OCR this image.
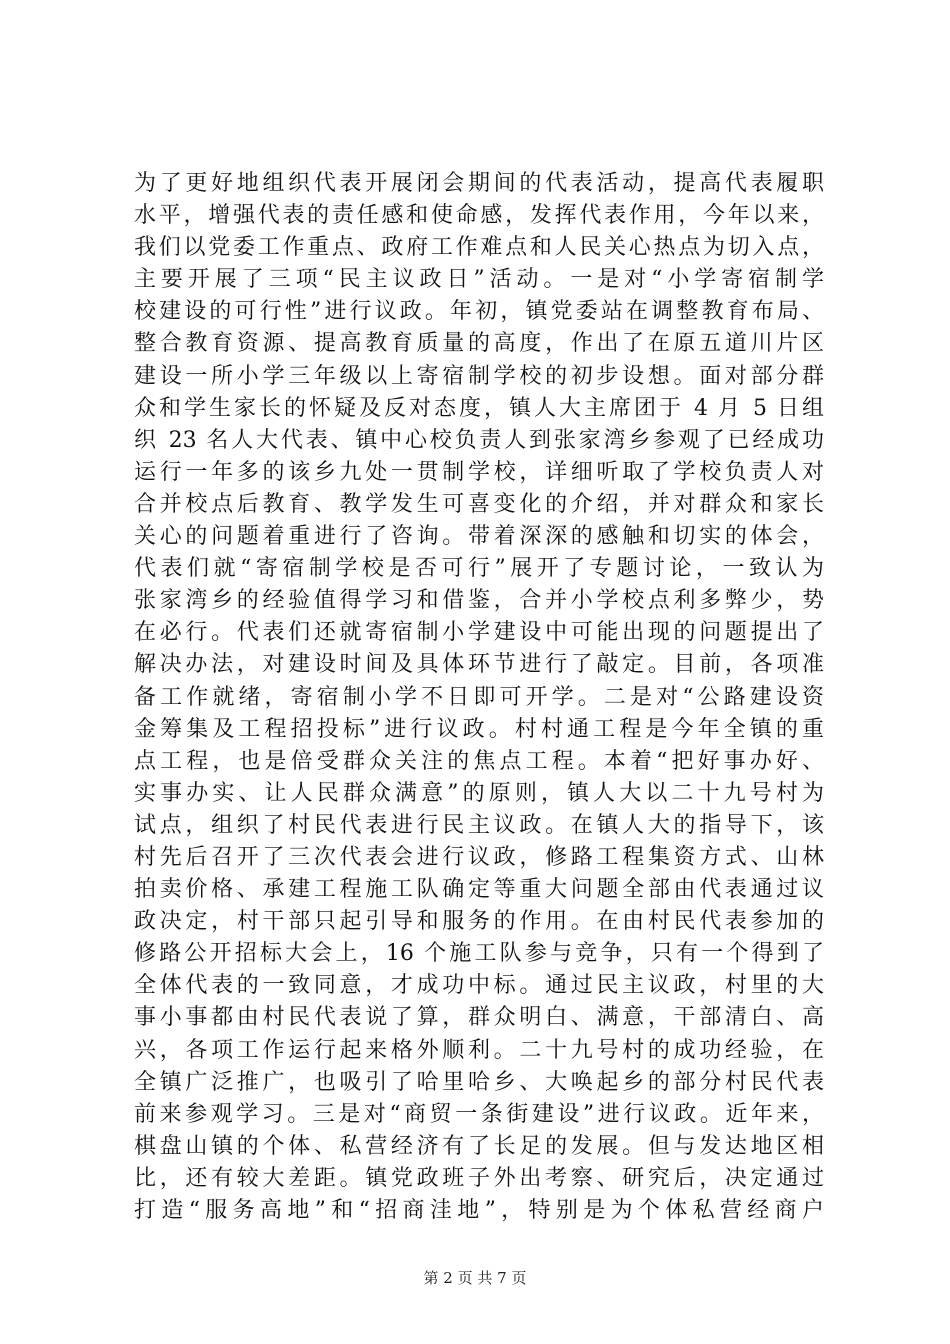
为了更好地组织代表开展闭会期间的代表活动，提高代表履职
水平，增强代表的责任感和使命感，发挥代表作用，今年以来，
我们以党委工作重点、政府工作难点和人民关心热点为切入点，
主要开展了三项“民主议政日”活动。一是对“小学寄宿制学
校建设的可行性”进行议政。年初，镇党委站在调整教育布局、
整合教育资源、提高教育质量的高度，作出了在原五道川片区
建设一所小学三年级以上寄宿制学校的初步设想。面对部分群
众和学生家长的怀疑及反对态度，镇人大主席团于 4 月 5 日组
织 23 名人大代表、镇中心校负责人到张家湾乡参观了已经成功
运行一年多的该乡九处一贯制学校，详细听取了学校负责人对
合并校点后教育、教学发生可喜变化的介绍，并对群众和家长
关心的问题着重进行了咨询。带着深深的感触和切实的体会，
代表们就“寄宿制学校是否可行”展开了专题讨论，一致认为
张家湾乡的经验值得学习和借鉴，合并小学校点利多弊少，势
在必行。代表们还就寄宿制小学建设中可能出现的问题提出了
解决办法，对建设时间及具体环节进行了敲定。目前，各项准
备工作就绪，寄宿制小学不日即可开学。二是对“公路建设资
金筹集及工程招投标”进行议政。村村通工程是今年全镇的重
点工程，也是倍受群众关注的焦点工程。本着“把好事办好、
实事办实、让人民群众满意”的原则，镇人大以二十九号村为
试点，组织了村民代表进行民主议政。在镇人大的指导下，该
村先后召开了三次代表会进行议政，修路工程集资方式、山林
拍卖价格、承建工程施工队确定等重大问题全部由代表通过议
政决定，村干部只起引导和服务的作用。在由村民代表参加的
修路公开招标大会上，16 个施工队参与竞争，只有一个得到了
全体代表的一致同意，才成功中标。通过民主议政，村里的大
事小事都由村民代表说了算，群众明白、满意，干部清白、高
兴，各项工作运行起来格外顺利。二十九号村的成功经验，在
全镇广泛推广，也吸引了哈里哈乡、大唤起乡的部分村民代表
前来参观学习。三是对“商贸一条街建设”进行议政。近年来，
棋盘山镇的个体、私营经济有了长足的发展。但与发达地区相
比，还有较大差距。镇党政班子外出考察、研究后，决定通过
打造“服务高地”和“招商洼地”，特别是为个体私营经商户
第 2 页 共 7 页
